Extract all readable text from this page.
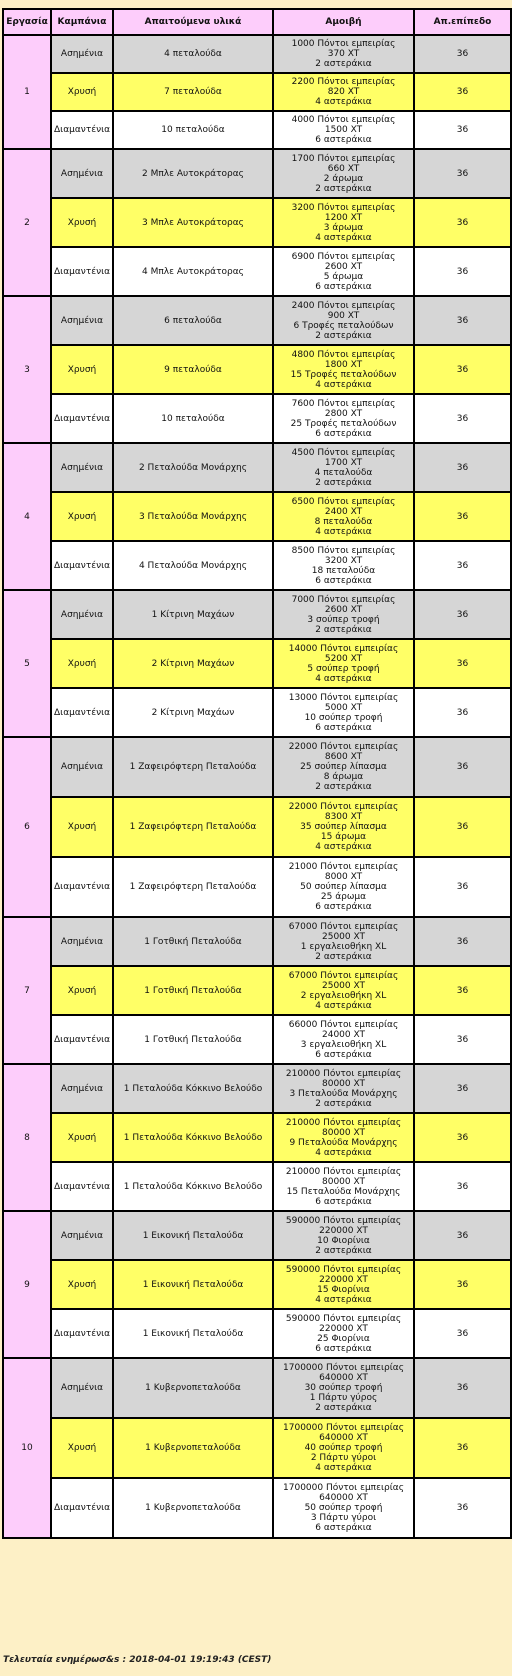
Εργασία	Καμπάνια	Απαιτούμενα υλικά	Αμοιβή	Απ.επίπεδο
1	Ασημένια	4 πεταλούδα	1000 Πόντοι εμπειρίας
370 XT
2 αστεράκια	36
	Χρυσή	7 πεταλούδα	2200 Πόντοι εμπειρίας
820 XT
4 αστεράκια	36
	Διαμαντένια	10 πεταλούδα	4000 Πόντοι εμπειρίας
1500 XT
6 αστεράκια	36
2	Ασημένια	2 Μπλε Αυτοκράτορας	1700 Πόντοι εμπειρίας
660 XT
2 άρωμα
2 αστεράκια	36
	Χρυσή	3 Μπλε Αυτοκράτορας	3200 Πόντοι εμπειρίας
1200 XT
3 άρωμα
4 αστεράκια	36
	Διαμαντένια	4 Μπλε Αυτοκράτορας	6900 Πόντοι εμπειρίας
2600 XT
5 άρωμα
6 αστεράκια	36
3	Ασημένια	6 πεταλούδα	2400 Πόντοι εμπειρίας
900 XT
6 Τροφές πεταλούδων
2 αστεράκια	36
	Χρυσή	9 πεταλούδα	4800 Πόντοι εμπειρίας
1800 XT
15 Τροφές πεταλούδων
4 αστεράκια	36
	Διαμαντένια	10 πεταλούδα	7600 Πόντοι εμπειρίας
2800 XT
25 Τροφές πεταλούδων
6 αστεράκια	36
4	Ασημένια	2 Πεταλούδα Μονάρχης	4500 Πόντοι εμπειρίας
1700 XT
4 πεταλούδα
2 αστεράκια	36
	Χρυσή	3 Πεταλούδα Μονάρχης	6500 Πόντοι εμπειρίας
2400 XT
8 πεταλούδα
4 αστεράκια	36
	Διαμαντένια	4 Πεταλούδα Μονάρχης	8500 Πόντοι εμπειρίας
3200 XT
18 πεταλούδα
6 αστεράκια	36
5	Ασημένια	1 Κίτρινη Μαχάων	7000 Πόντοι εμπειρίας
2600 XT
3 σούπερ τροφή
2 αστεράκια	36
	Χρυσή	2 Κίτρινη Μαχάων	14000 Πόντοι εμπειρίας
5200 XT
5 σούπερ τροφή
4 αστεράκια	36
	Διαμαντένια	2 Κίτρινη Μαχάων	13000 Πόντοι εμπειρίας
5000 XT
10 σούπερ τροφή
6 αστεράκια	36
6	Ασημένια	1 Ζαφειρόφτερη Πεταλούδα	22000 Πόντοι εμπειρίας
8600 XT
25 σούπερ λίπασμα
8 άρωμα
2 αστεράκια	36
	Χρυσή	1 Ζαφειρόφτερη Πεταλούδα	22000 Πόντοι εμπειρίας
8300 XT
35 σούπερ λίπασμα
15 άρωμα
4 αστεράκια	36
	Διαμαντένια	1 Ζαφειρόφτερη Πεταλούδα	21000 Πόντοι εμπειρίας
8000 XT
50 σούπερ λίπασμα
25 άρωμα
6 αστεράκια	36
7	Ασημένια	1 Γοτθική Πεταλούδα	67000 Πόντοι εμπειρίας
25000 XT
1 εργαλειοθήκη XL
2 αστεράκια	36
	Χρυσή	1 Γοτθική Πεταλούδα	67000 Πόντοι εμπειρίας
25000 XT
2 εργαλειοθήκη XL
4 αστεράκια	36
	Διαμαντένια	1 Γοτθική Πεταλούδα	66000 Πόντοι εμπειρίας
24000 XT
3 εργαλειοθήκη XL
6 αστεράκια	36
8	Ασημένια	1 Πεταλούδα Κόκκινο Βελούδο	210000 Πόντοι εμπειρίας
80000 XT
3 Πεταλούδα Μονάρχης
2 αστεράκια	36
	Χρυσή	1 Πεταλούδα Κόκκινο Βελούδο	210000 Πόντοι εμπειρίας
80000 XT
9 Πεταλούδα Μονάρχης
4 αστεράκια	36
	Διαμαντένια	1 Πεταλούδα Κόκκινο Βελούδο	210000 Πόντοι εμπειρίας
80000 XT
15 Πεταλούδα Μονάρχης
6 αστεράκια	36
9	Ασημένια	1 Εικονική Πεταλούδα	590000 Πόντοι εμπειρίας
220000 XT
10 Φιορίνια
2 αστεράκια	36
	Χρυσή	1 Εικονική Πεταλούδα	590000 Πόντοι εμπειρίας
220000 XT
15 Φιορίνια
4 αστεράκια	36
	Διαμαντένια	1 Εικονική Πεταλούδα	590000 Πόντοι εμπειρίας
220000 XT
25 Φιορίνια
6 αστεράκια	36
10	Ασημένια	1 Κυβερνοπεταλούδα	1700000 Πόντοι εμπειρίας
640000 XT
30 σούπερ τροφή
1 Πάρτυ γύρος
2 αστεράκια	36
	Χρυσή	1 Κυβερνοπεταλούδα	1700000 Πόντοι εμπειρίας
640000 XT
40 σούπερ τροφή
2 Πάρτυ γύροι
4 αστεράκια	36
	Διαμαντένια	1 Κυβερνοπεταλούδα	1700000 Πόντοι εμπειρίας
640000 XT
50 σούπερ τροφή
3 Πάρτυ γύροι
6 αστεράκια	36
Τελευταία ενημέρωσ&s : 2018-04-01 19:19:43 (CEST)
